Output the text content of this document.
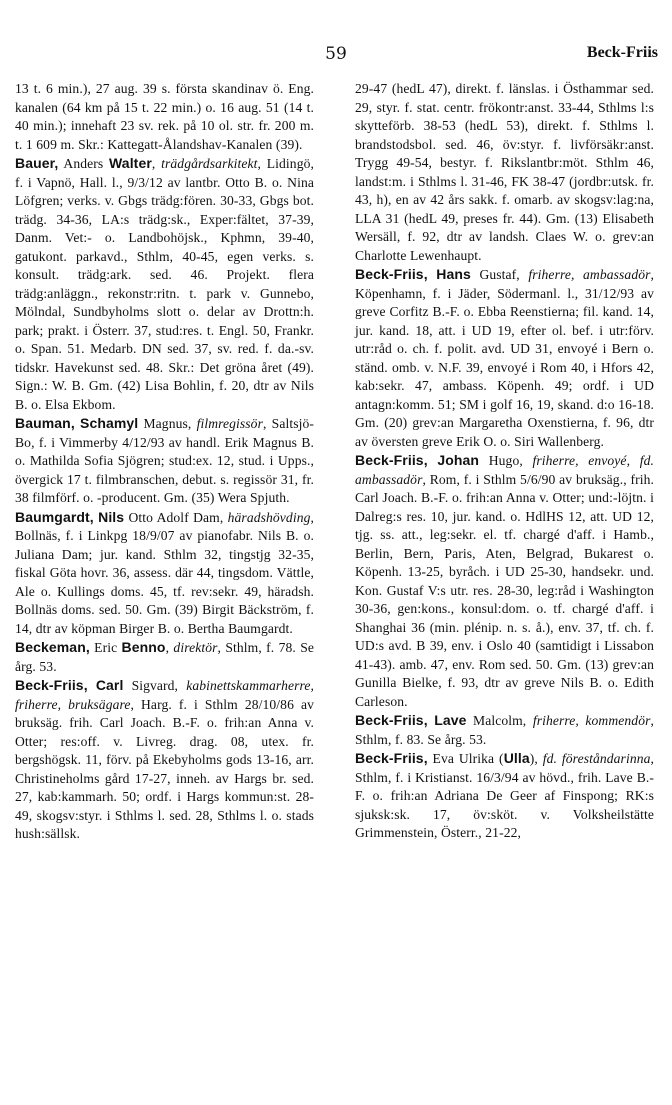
59	Beck-Friis

13 t. 6 min.), 27 aug. 39 s. första skandinav ö. Eng. kanalen (64 km på 15 t. 22 min.) o. 16 aug. 51 (14 t. 40 min.); innehaft 23 sv. rek. på 10 ol. str. fr. 200 m. t. 1 609 m. Skr.: Kattegatt-Ålandshav-Kanalen (39).

Bauer, Anders Walter, trädgårdsarkitekt, Lidingö, f. i Vapnö, Hall. l., 9/3/12 av lantbr. Otto B. o. Nina Löfgren; verks. v. Gbgs trädg:fören. 30-33, Gbgs bot. trädg. 34-36, LA:s trädg:sk., Exper:fältet, 37-39, Danm. Vet:- o. Landbohöjsk., Kphmn, 39-40, gatukont. parkavd., Sthlm, 40-45, egen verks. s. konsult. trädg:ark. sed. 46. Projekt. flera trädg:anläggn., rekonstr:ritn. t. park v. Gunnebo, Mölndal, Sundbyholms slott o. delar av Drottn:h. park; prakt. i Österr. 37, stud:res. t. Engl. 50, Frankr. o. Span. 51. Medarb. DN sed. 37, sv. red. f. da.-sv. tidskr. Havekunst sed. 48. Skr.: Det gröna året (49). Sign.: W. B. Gm. (42) Lisa Bohlin, f. 20, dtr av Nils B. o. Elsa Ekbom.

Bauman, Schamyl Magnus, filmregissör, Saltsjö-Bo, f. i Vimmerby 4/12/93 av handl. Erik Magnus B. o. Mathilda Sofia Sjögren; stud:ex. 12, stud. i Upps., övergick 17 t. filmbranschen, debut. s. regissör 31, fr. 38 filmförf. o. -producent. Gm. (35) Wera Spjuth.

Baumgardt, Nils Otto Adolf Dam, häradshövding, Bollnäs, f. i Linkpg 18/9/07 av pianofabr. Nils B. o. Juliana Dam; jur. kand. Sthlm 32, tingstjg 32-35, fiskal Göta hovr. 36, assess. där 44, tingsdom. Vättle, Ale o. Kullings doms. 45, tf. rev:sekr. 49, häradsh. Bollnäs doms. sed. 50. Gm. (39) Birgit Bäckström, f. 14, dtr av köpman Birger B. o. Bertha Baumgardt.

Beckeman, Eric Benno, direktör, Sthlm, f. 78. Se årg. 53.

Beck-Friis, Carl Sigvard, kabinettskammarherre, friherre, bruksägare, Harg. f. i Sthlm 28/10/86 av bruksäg. frih. Carl Joach. B.-F. o. frih:an Anna v. Otter; res:off. v. Livreg. drag. 08, utex. fr. bergshögsk. 11, förv. på Ekebyholms gods 13-16, arr. Christineholms gård 17-27, inneh. av Hargs br. sed. 27, kab:kammarh. 50; ordf. i Hargs kommun:st. 28-49, skogsv:styr. i Sthlms l. sed. 28, Sthlms l. o. stads hush:sällsk.

29-47 (hedL 47), direkt. f. länslas. i Östhammar sed. 29, styr. f. stat. centr. frökontr:anst. 33-44, Sthlms l:s skytteförb. 38-53 (hedL 53), direkt. f. Sthlms l. brandstodsbol. sed. 46, öv:styr. f. livförsäkr:anst. Trygg 49-54, bestyr. f. Rikslantbr:möt. Sthlm 46, landst:m. i Sthlms l. 31-46, FK 38-47 (jordbr:utsk. fr. 43, h), en av 42 års sakk. f. omarb. av skogsv:lag:na, LLA 31 (hedL 49, preses fr. 44). Gm. (13) Elisabeth Wersäll, f. 92, dtr av landsh. Claes W. o. grev:an Charlotte Lewenhaupt.

Beck-Friis, Hans Gustaf, friherre, ambassadör, Köpenhamn, f. i Jäder, Södermanl. l., 31/12/93 av greve Corfitz B.-F. o. Ebba Reenstierna; fil. kand. 14, jur. kand. 18, att. i UD 19, efter ol. bef. i utr:förv. utr:råd o. ch. f. polit. avd. UD 31, envoyé i Bern o. ständ. omb. v. N.F. 39, envoyé i Rom 40, i Hfors 42, kab:sekr. 47, ambass. Köpenh. 49; ordf. i UD antagn:komm. 51; SM i golf 16, 19, skand. d:o 16-18. Gm. (20) grev:an Margaretha Oxenstierna, f. 96, dtr av översten greve Erik O. o. Siri Wallenberg.

Beck-Friis, Johan Hugo, friherre, envoyé, fd. ambassadör, Rom, f. i Sthlm 5/6/90 av bruksäg., frih. Carl Joach. B.-F. o. frih:an Anna v. Otter; und:-löjtn. i Dalreg:s res. 10, jur. kand. o. HdlHS 12, att. UD 12, tjg. ss. att., leg:sekr. el. tf. chargé d'aff. i Hamb., Berlin, Bern, Paris, Aten, Belgrad, Bukarest o. Köpenh. 13-25, byråch. i UD 25-30, handsekr. und. Kon. Gustaf V:s utr. res. 28-30, leg:råd i Washington 30-36, gen:kons., konsul:dom. o. tf. chargé d'aff. i Shanghai 36 (min. plénip. n. s. å.), env. 37, tf. ch. f. UD:s avd. B 39, env. i Oslo 40 (samtidigt i Lissabon 41-43). amb. 47, env. Rom sed. 50. Gm. (13) grev:an Gunilla Bielke, f. 93, dtr av greve Nils B. o. Edith Carleson.

Beck-Friis, Lave Malcolm, friherre, kommendör, Sthlm, f. 83. Se årg. 53.

Beck-Friis, Eva Ulrika (Ulla), fd. föreståndarinna, Sthlm, f. i Kristianst. 16/3/94 av hövd., frih. Lave B.-F. o. frih:an Adriana De Geer af Finspong; RK:s sjuksk:sk. 17, öv:sköt. v. Volksheilstätte Grimmenstein, Österr., 21-22,
